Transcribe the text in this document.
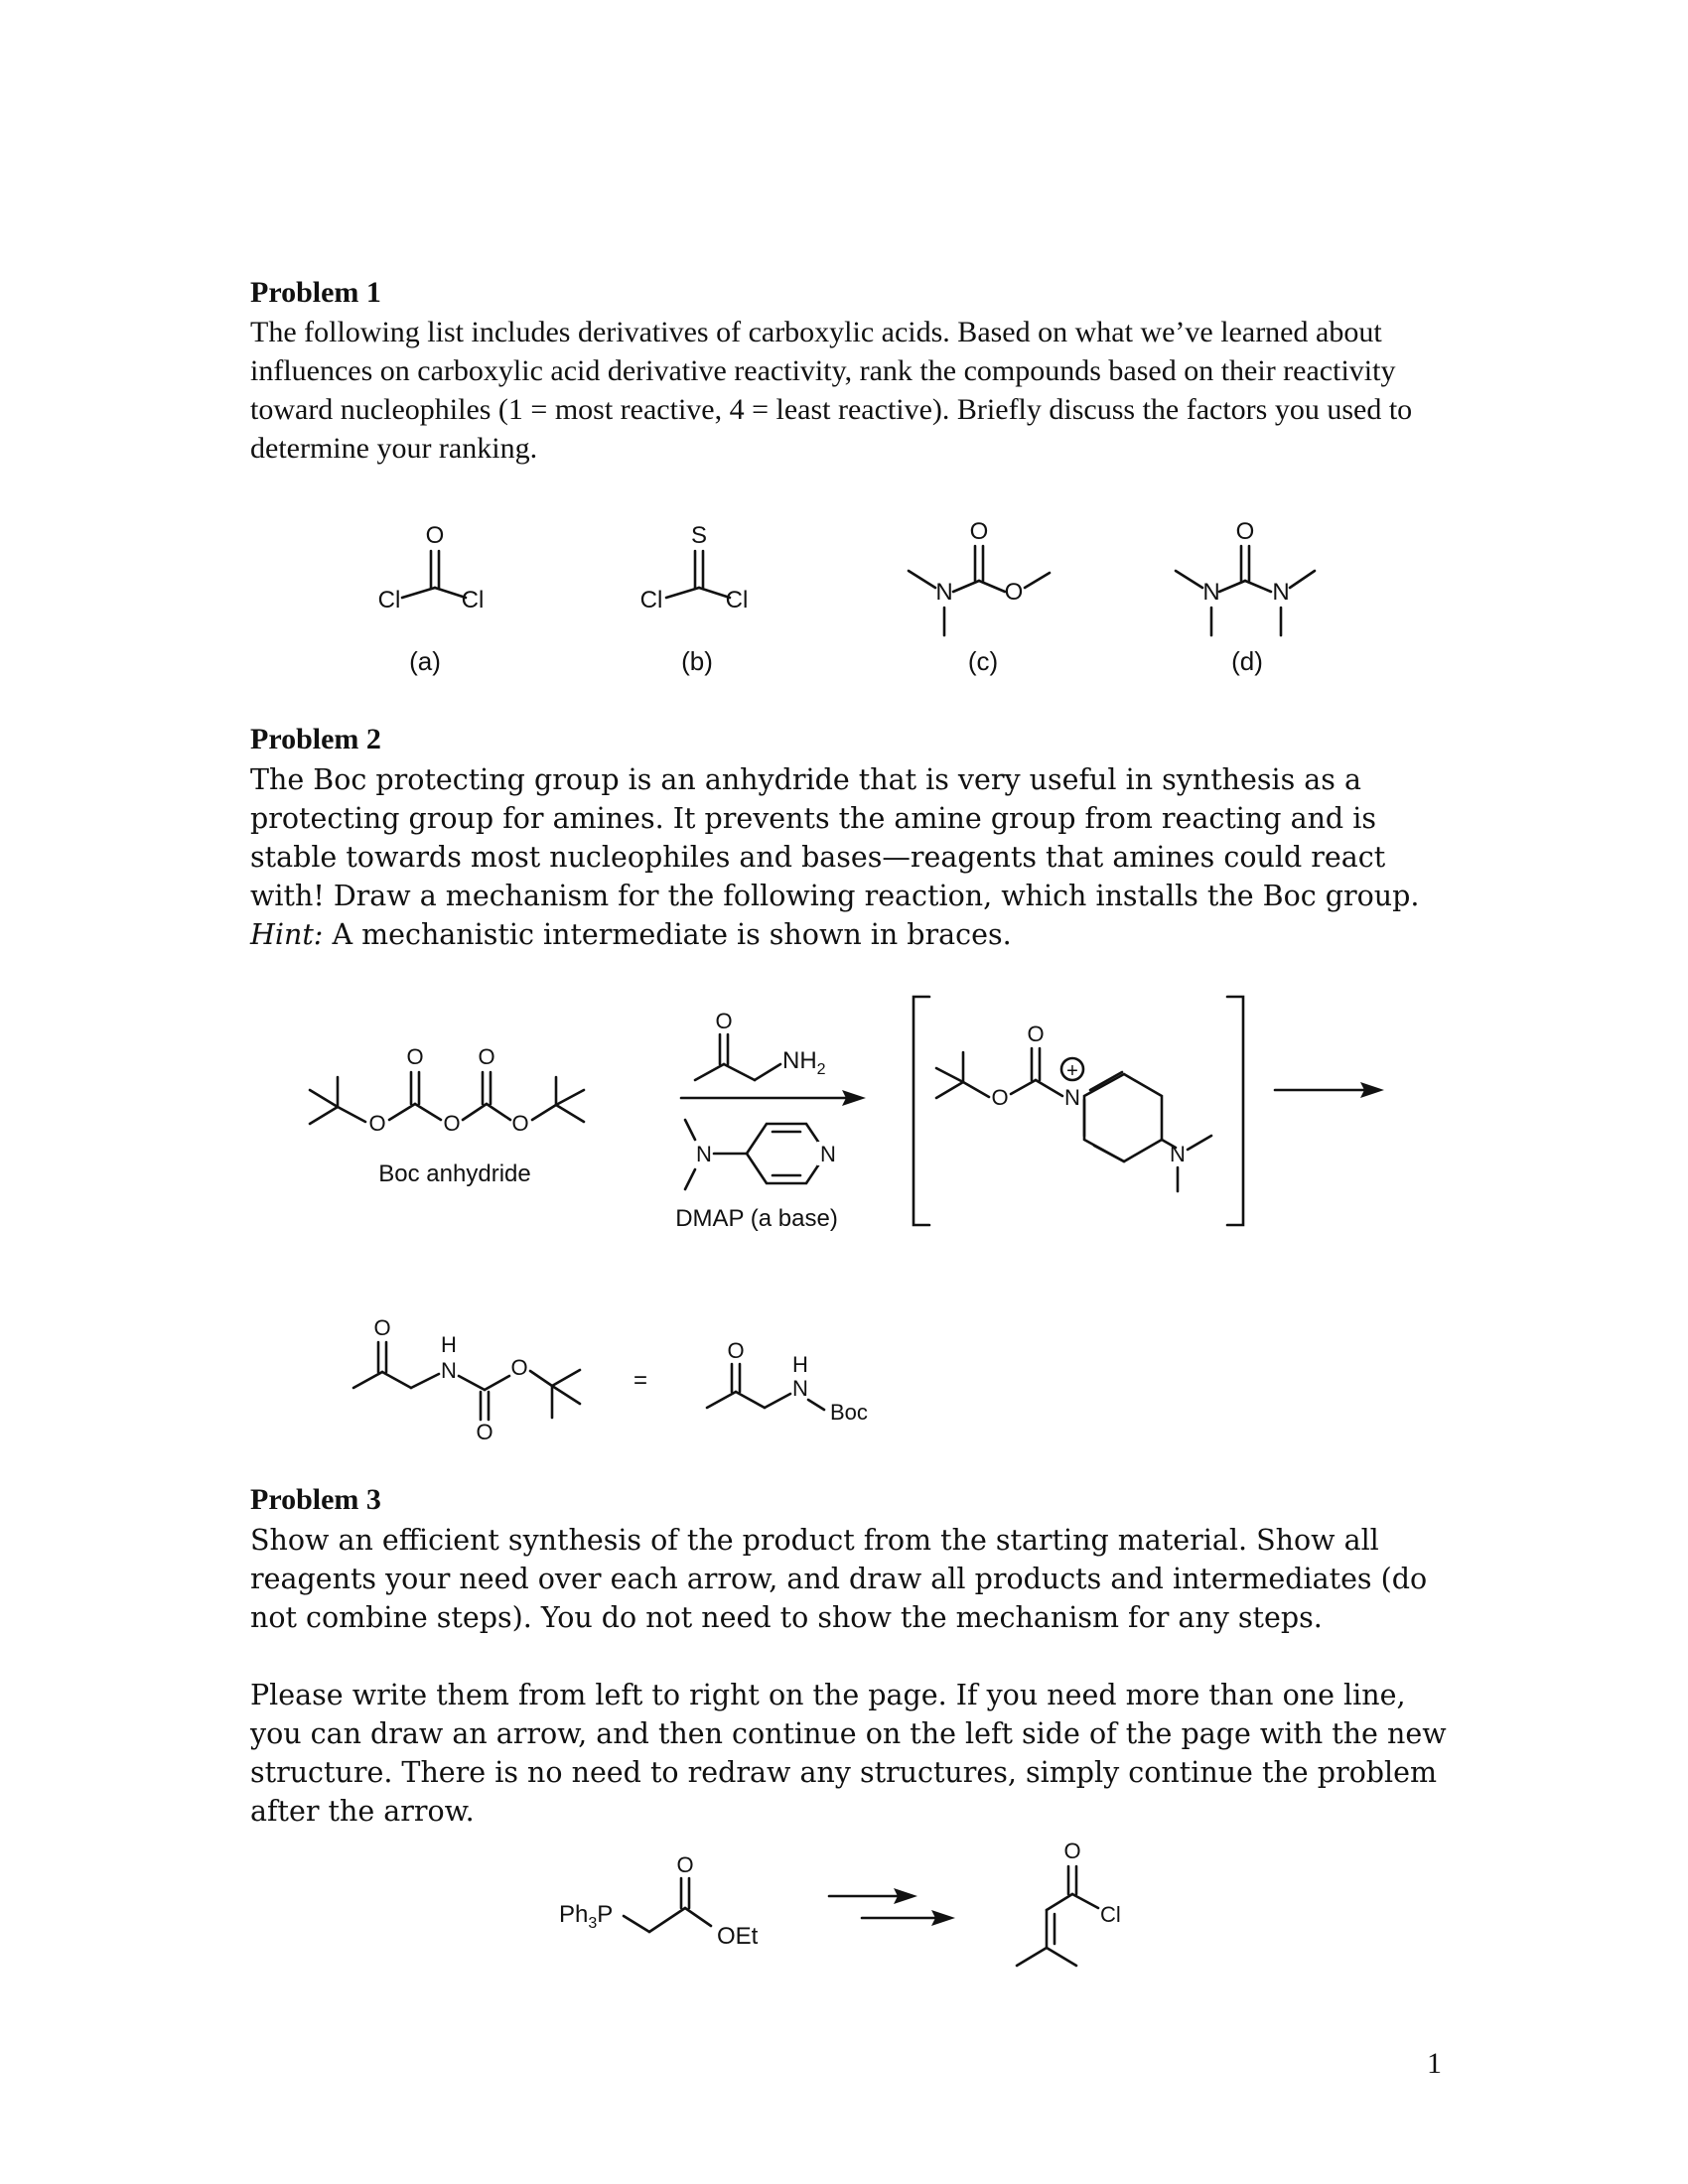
Problem 1

The following list includes derivatives of carboxylic acids. Based on what we’ve learned about influences on carboxylic acid derivative reactivity, rank the compounds based on their reactivity toward nucleophiles (1 = most reactive, 4 = least reactive). Briefly discuss the factors you used to determine your ranking.

O
Cl	Cl
(a)
S
Cl	Cl
(b)
O
N O
(c)
O
N N
(d)
Problem 2

The Boc protecting group is an anhydride that is very useful in synthesis as a protecting group for amines. It prevents the amine group from reacting and is stable towards most nucleophiles and bases—reagents that amines could react with! Draw a mechanism for the following reaction, which installs the Boc group. Hint: A mechanistic intermediate is shown in braces.

O
O
O
O
O
Boc anhydride
O
$NH_2$
N	N
DMAP (a base)
O
O
N
+
N
O
H
N
O
O	=
O
H
N
Boc
Problem 3

Show an efficient synthesis of the product from the starting material. Show all reagents your need over each arrow, and draw all products and intermediates (do not combine steps). You do not need to show the mechanism for any steps.

Please write them from left to right on the page. If you need more than one line, you can draw an arrow, and then continue on the left side of the page with the new structure. There is no need to redraw any structures, simply continue the problem after the arrow.

$Ph_3P$
O
OEt
O
Cl
1
